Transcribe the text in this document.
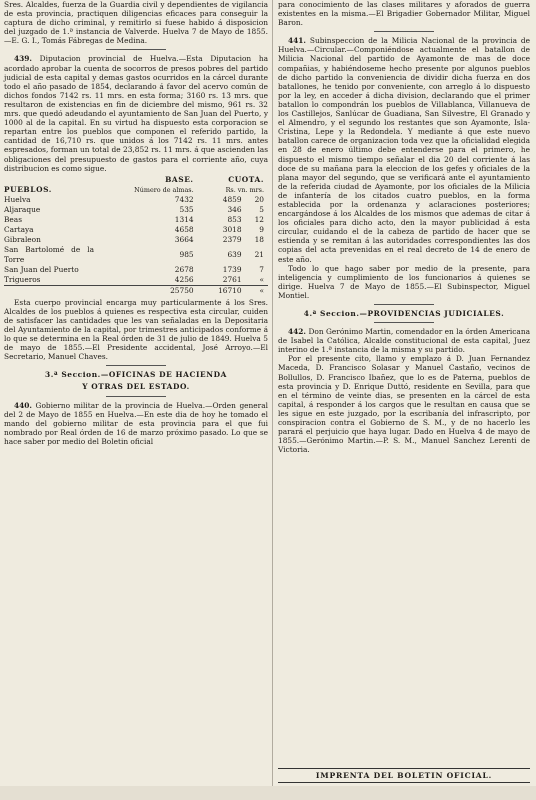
Sres. Alcaldes, fuerza de la Guardia civil y dependientes de vigilancia de esta provincia, practiquen diligencias eficaces para conseguir la captura de dicho criminal, y remitirlo si fuese habido á disposicion del juzgado de 1.ª instancia de Valverde. Huelva 7 de Mayo de 1855.—E. G. I., Tomás Fábregas de Medina.

439. Diputacion provincial de Huelva.—Esta Diputacion ha acordado aprobar la cuenta de socorros de presos pobres del partido judicial de esta capital y demas gastos ocurridos en la cárcel durante todo el año pasado de 1854, declarando á favor del acervo común de dichos fondos 7142 rs. 11 mrs. en esta forma; 3160 rs. 13 mrs. que resultaron de existencias en fin de diciembre del mismo, 961 rs. 32 mrs. que quedó adeudando el ayuntamiento de San Juan del Puerto, y 1000 al de la capital. En su virtud ha dispuesto esta corporacion se repartan entre los pueblos que componen el referido partido, la cantidad de 16,710 rs. que unidos á los 7142 rs. 11 mrs. antes espresados, forman un total de 23,852 rs. 11 mrs. á que ascienden las obligaciones del presupuesto de gastos para el corriente año, cuya distribucion es como sigue.

	BASE.	CUOTA.	
PUEBLOS.	Número de almas.	Rs. vn. mrs.	
Huelva	7432	4859	20
Aljaraque	535	346	5
Beas	1314	853	12
Cartaya	4658	3018	9
Gibraleon	3664	2379	18
San Bartolomé de la Torre	985	639	21
San Juan del Puerto	2678	1739	7
Trigueros	4256	2761	«
	25750	16710	«

Esta cuerpo provincial encarga muy particularmente á los Sres. Alcaldes de los pueblos á quienes es respectiva esta circular, cuiden de satisfacer las cantidades que les van señaladas en la Depositaria del Ayuntamiento de la capital, por trimestres anticipados conforme á lo que se determina en la Real órden de 31 de julio de 1849. Huelva 5 de mayo de 1855.—El Presidente accidental, José Arroyo.—El Secretario, Manuel Chaves.

3.ª Seccion.—OFICINAS DE HACIENDA
Y OTRAS DEL ESTADO.

440. Gobierno militar de la provincia de Huelva.—Orden general del 2 de Mayo de 1855 en Huelva.—En este dia de hoy he tomado el mando del gobierno militar de esta provincia para el que fui nombrado por Real órden de 16 de marzo próximo pasado. Lo que se hace saber por medio del Boletin oficial

para conocimiento de las clases militares y aforados de guerra existentes en la misma.—El Brigadier Gobernador Militar, Miguel Baron.

441. Subinspeccion de la Milicia Nacional de la provincia de Huelva.—Circular.—Componiéndose actualmente el batallon de Milicia Nacional del partido de Ayamonte de mas de doce compañias, y habiéndoseme hecho presente por algunos pueblos de dicho partido la conveniencia de dividir dicha fuerza en dos batallones, he tenido por conveniente, con arreglo á lo dispuesto por la ley, en acceder á dicha division, declarando que el primer batallon lo compondrán los pueblos de Villablanca, Villanueva de los Castillejos, Sanlúcar de Guadiana, San Silvestre, El Granado y el Almendro, y el segundo los restantes que son Ayamonte, Isla-Cristina, Lepe y la Redondela. Y mediante á que este nuevo batallon carece de organizacion toda vez que la oficialidad elegida en 28 de enero último debe entenderse para el primero, he dispuesto el mismo tiempo señalar el dia 20 del corriente á las doce de su mañana para la eleccion de los gefes y oficiales de la plana mayor del segundo, que se verificará ante el ayuntamiento de la referida ciudad de Ayamonte, por los oficiales de la Milicia de infantería de los citados cuatro pueblos, en la forma establecida por la ordenanza y aclaraciones posteriores; encargándose á los Alcaldes de los mismos que ademas de citar á los oficiales para dicho acto, den la mayor publicidad á esta circular, cuidando el de la cabeza de partido de hacer que se estienda y se remitan á las autoridades correspondientes las dos copias del acta prevenidas en el real decreto de 14 de enero de este año.

Todo lo que hago saber por medio de la presente, para inteligencia y cumplimiento de los funcionarios á quienes se dirige. Huelva 7 de Mayo de 1855.—El Subinspector, Miguel Montiel.

4.ª Seccion.—PROVIDENCIAS JUDICIALES.

442. Don Gerónimo Martin, comendador en la órden Americana de Isabel la Católica, Alcalde constitucional de esta capital, Juez interino de 1.ª instancia de la misma y su partido.

Por el presente cito, llamo y emplazo á D. Juan Fernandez Maceda, D. Francisco Solasar y Manuel Castaño, vecinos de Bollullos, D. Francisco Ibañez, que lo es de Paterna, pueblos de esta provincia y D. Enrique Duttó, residente en Sevilla, para que en el término de veinte dias, se presenten en la cárcel de esta capital, á responder á los cargos que le resultan en causa que se les sigue en este juzgado, por la escribanía del infrascripto, por conspiracion contra el Gobierno de S. M., y de no hacerlo les parará el perjuicio que haya lugar. Dado en Huelva 4 de mayo de 1855.—Gerónimo Martin.—P. S. M., Manuel Sanchez Lerenti de Victoria.

IMPRENTA DEL BOLETIN OFICIAL.
